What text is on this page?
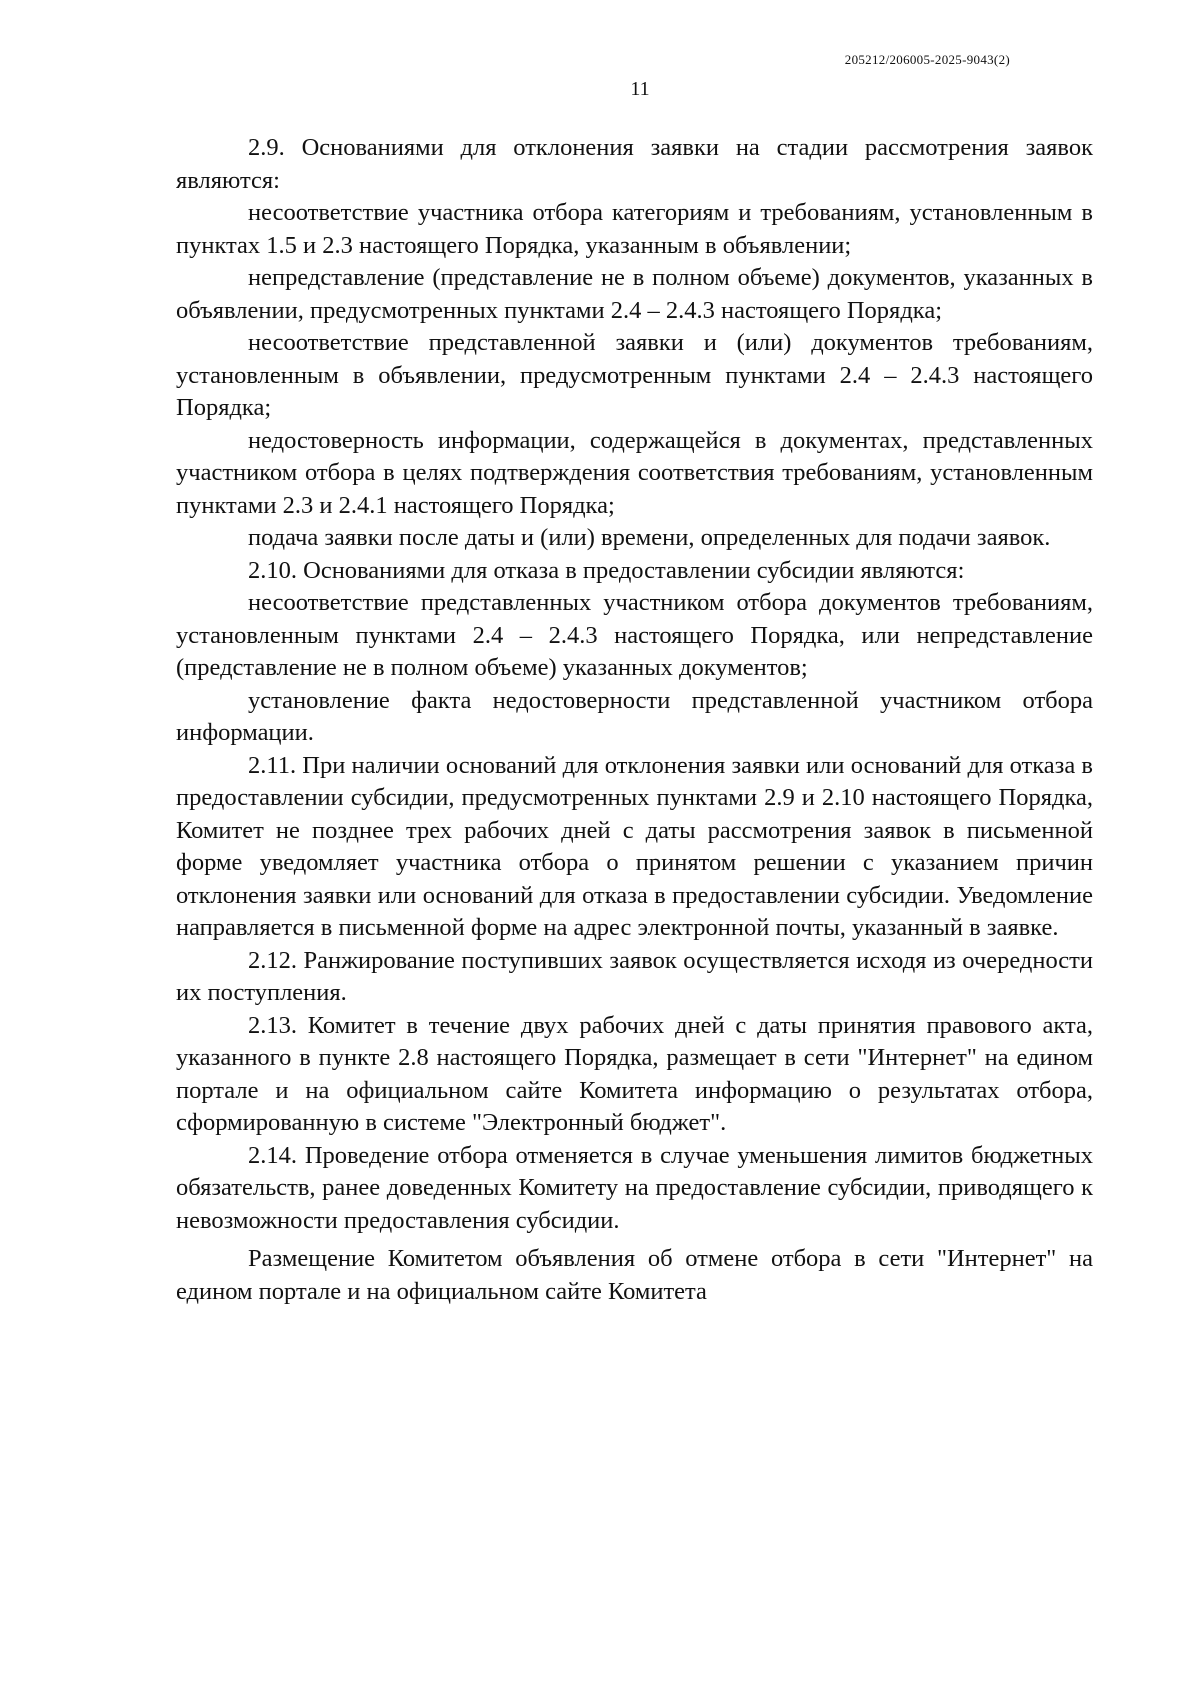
205212/206005-2025-9043(2)
11

2.9. Основаниями для отклонения заявки на стадии рассмотрения заявок являются:

несоответствие участника отбора категориям и требованиям, установленным в пунктах 1.5 и 2.3 настоящего Порядка, указанным в объявлении;

непредставление (представление не в полном объеме) документов, указанных в объявлении, предусмотренных пунктами 2.4 – 2.4.3 настоящего Порядка;

несоответствие представленной заявки и (или) документов требованиям, установленным в объявлении, предусмотренным пунктами 2.4 – 2.4.3 настоящего Порядка;

недостоверность информации, содержащейся в документах, представленных участником отбора в целях подтверждения соответствия требованиям, установленным пунктами 2.3 и 2.4.1 настоящего Порядка;

подача заявки после даты и (или) времени, определенных для подачи заявок.

2.10. Основаниями для отказа в предоставлении субсидии являются:

несоответствие представленных участником отбора документов требованиям, установленным пунктами 2.4 – 2.4.3 настоящего Порядка, или непредставление (представление не в полном объеме) указанных документов;

установление факта недостоверности представленной участником отбора информации.

2.11. При наличии оснований для отклонения заявки или оснований для отказа в предоставлении субсидии, предусмотренных пунктами 2.9 и 2.10 настоящего Порядка, Комитет не позднее трех рабочих дней с даты рассмотрения заявок в письменной форме уведомляет участника отбора о принятом решении с указанием причин отклонения заявки или оснований для отказа в предоставлении субсидии. Уведомление направляется в письменной форме на адрес электронной почты, указанный в заявке.

2.12. Ранжирование поступивших заявок осуществляется исходя из очередности их поступления.

2.13. Комитет в течение двух рабочих дней с даты принятия правового акта, указанного в пункте 2.8 настоящего Порядка, размещает в сети "Интернет" на едином портале и на официальном сайте Комитета информацию о результатах отбора, сформированную в системе "Электронный бюджет".

2.14. Проведение отбора отменяется в случае уменьшения лимитов бюджетных обязательств, ранее доведенных Комитету на предоставление субсидии, приводящего к невозможности предоставления субсидии.

Размещение Комитетом объявления об отмене отбора в сети "Интернет" на едином портале и на официальном сайте Комитета
